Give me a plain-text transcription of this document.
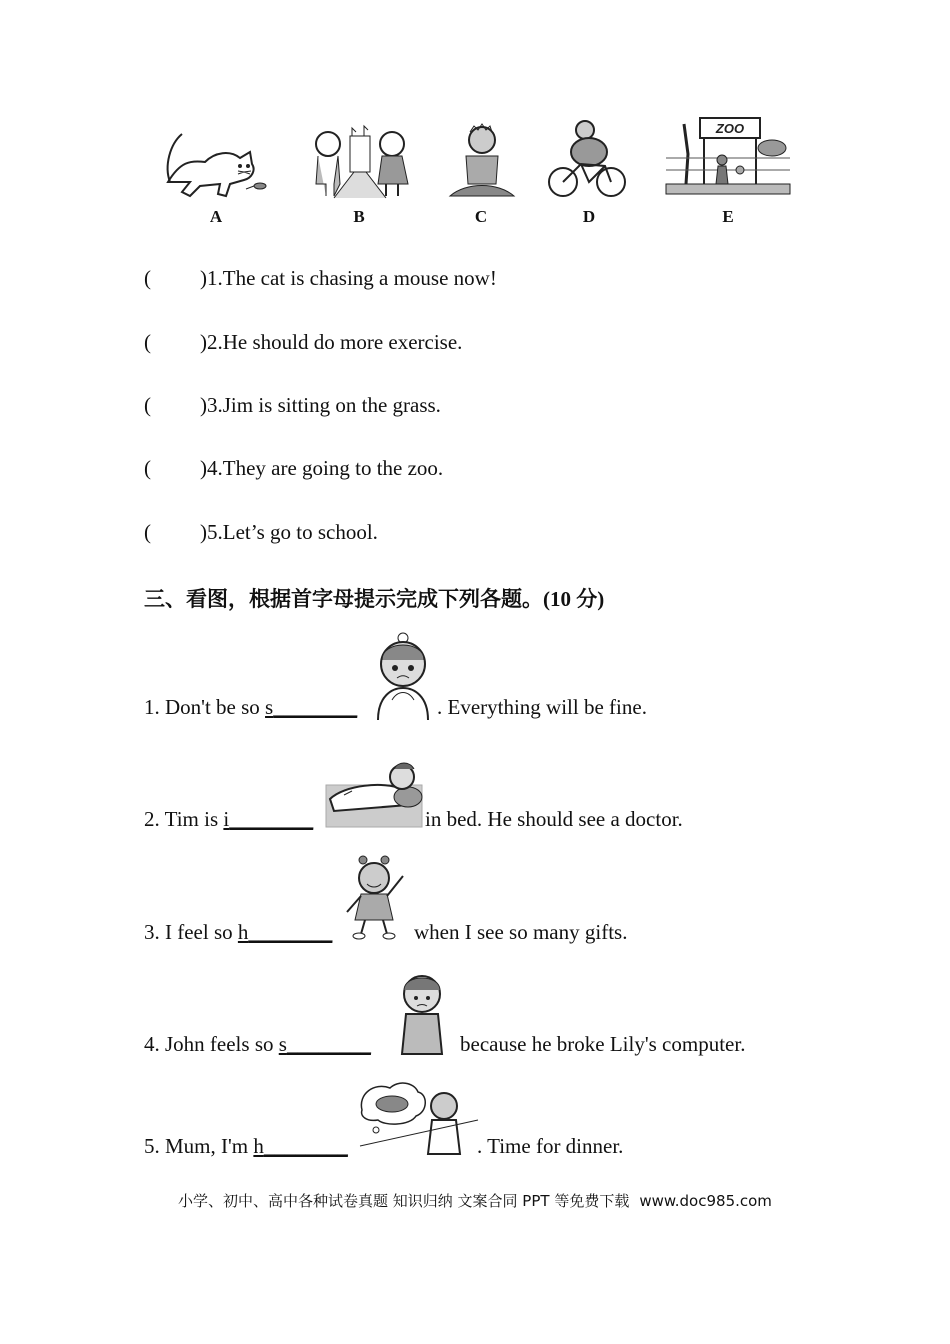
ZOO
A	B	C	D	E
( )1.The cat is chasing a mouse now!
( )2.He should do more exercise.
( )3.Jim is sitting on the grass.
( )4.They are going to the zoo.
( )5.Let’s go to school.
三、看图，根据首字母提示完成下列各题。(10 分)
1. Don't be so s________	. Everything will be fine.
2. Tim is i________	in bed. He should see a doctor.
3. I feel so h________	when I see so many gifts.
4. John feels so s________	because he broke Lily's computer.
5. Mum, I'm h________	. Time for dinner.
小学、初中、高中各种试卷真题 知识归纳 文案合同 PPT 等免费下载 www.doc985.com
